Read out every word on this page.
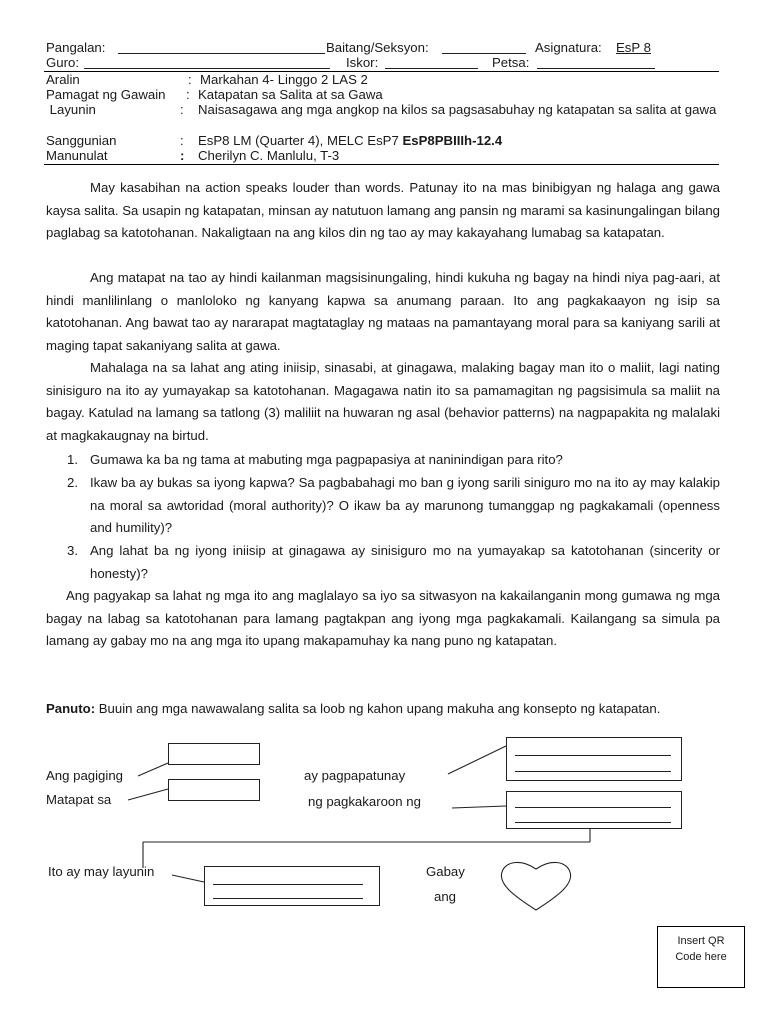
Pangalan:	Baitang/Seksyon:	Asignatura: EsP 8
Guro:	Iskor:	Petsa:
Aralin	: Markahan 4- Linggo 2 LAS 2
Pamagat ng Gawain : Katapatan sa Salita at sa Gawa
Layunin	: Naisasagawa ang mga angkop na kilos sa pagsasabuhay ng katapatan sa salita at gawa
Sanggunian	: EsP8 LM (Quarter 4), MELC EsP7 EsP8PBIIIh-12.4
Manunulat	: Cherilyn C. Manlulu, T-3

May kasabihan na action speaks louder than words. Patunay ito na mas binibigyan ng halaga ang gawa kaysa salita. Sa usapin ng katapatan, minsan ay natutuon lamang ang pansin ng marami sa kasinungalingan bilang paglabag sa katotohanan. Nakaligtaan na ang kilos din ng tao ay may kakayahang lumabag sa katapatan.

Ang matapat na tao ay hindi kailanman magsisinungaling, hindi kukuha ng bagay na hindi niya pag-aari, at hindi manlilinlang o manloloko ng kanyang kapwa sa anumang paraan. Ito ang pagkakaayon ng isip sa katotohanan. Ang bawat tao ay nararapat magtataglay ng mataas na pamantayang moral para sa kaniyang sarili at maging tapat sakaniyang salita at gawa.

Mahalaga na sa lahat ang ating iniisip, sinasabi, at ginagawa, malaking bagay man ito o maliit, lagi nating sinisiguro na ito ay yumayakap sa katotohanan. Magagawa natin ito sa pamamagitan ng pagsisimula sa maliit na bagay. Katulad na lamang sa tatlong (3) maliliit na huwaran ng asal (behavior patterns) na nagpapakita ng malalaki at magkakaugnay na birtud.

1. Gumawa ka ba ng tama at mabuting mga pagpapasiya at naninindigan para rito?
2. Ikaw ba ay bukas sa iyong kapwa? Sa pagbabahagi mo ban g iyong sarili siniguro mo na ito ay may kalakip na moral sa awtoridad (moral authority)? O ikaw ba ay marunong tumanggap ng pagkakamali (openness and humility)?
3. Ang lahat ba ng iyong iniisip at ginagawa ay sinisiguro mo na yumayakap sa katotohanan (sincerity or honesty)?

Ang pagyakap sa lahat ng mga ito ang maglalayo sa iyo sa sitwasyon na kakailanganin mong gumawa ng mga bagay na labag sa katotohanan para lamang pagtakpan ang iyong mga pagkakamali. Kailangang sa simula pa lamang ay gabay mo na ang mga ito upang makapamuhay ka nang puno ng katapatan.

Panuto: Buuin ang mga nawawalang salita sa loob ng kahon upang makuha ang konsepto ng katapatan.

Ang pagiging
Matapat sa
ay pagpapatunay
ng pagkakaroon ng
Ito ay may layunin	Gabay
ang
Insert QR
Code here
